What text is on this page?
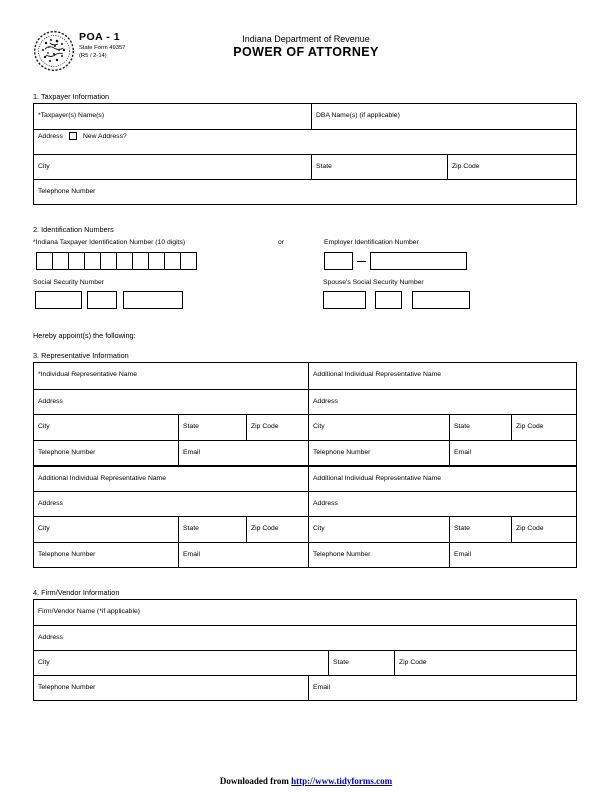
POA - 1
State Form 49357
(R5 / 2-14)
Indiana Department of Revenue
POWER OF ATTORNEY
1. Taxpayer Information
*Taxpayer(s) Name(s)	DBA Name(s) (if applicable)
Address	New Address?
City	State	Zip Code
Telephone Number
2. Identification Numbers
*Indiana Taxpayer Identification Number (10 digits)	or	Employer Identification Number
Social Security Number	Spouse's Social Security Number
Hereby appoint(s) the following:
3. Representative Information
*Individual Representative Name	Additional Individual Representative Name
Address	Address
City	State	Zip Code	City	State	Zip Code
Telephone Number	Email	Telephone Number	Email
Additional Individual Representative Name	Additional Individual Representative Name
Address	Address
City	State	Zip Code	City	State	Zip Code
Telephone Number	Email	Telephone Number	Email
4. Firm/Vendor Information
Firm/Vendor Name (*if applicable)
Address
City	State	Zip Code
Telephone Number	Email
Downloaded from http://www.tidyforms.com
